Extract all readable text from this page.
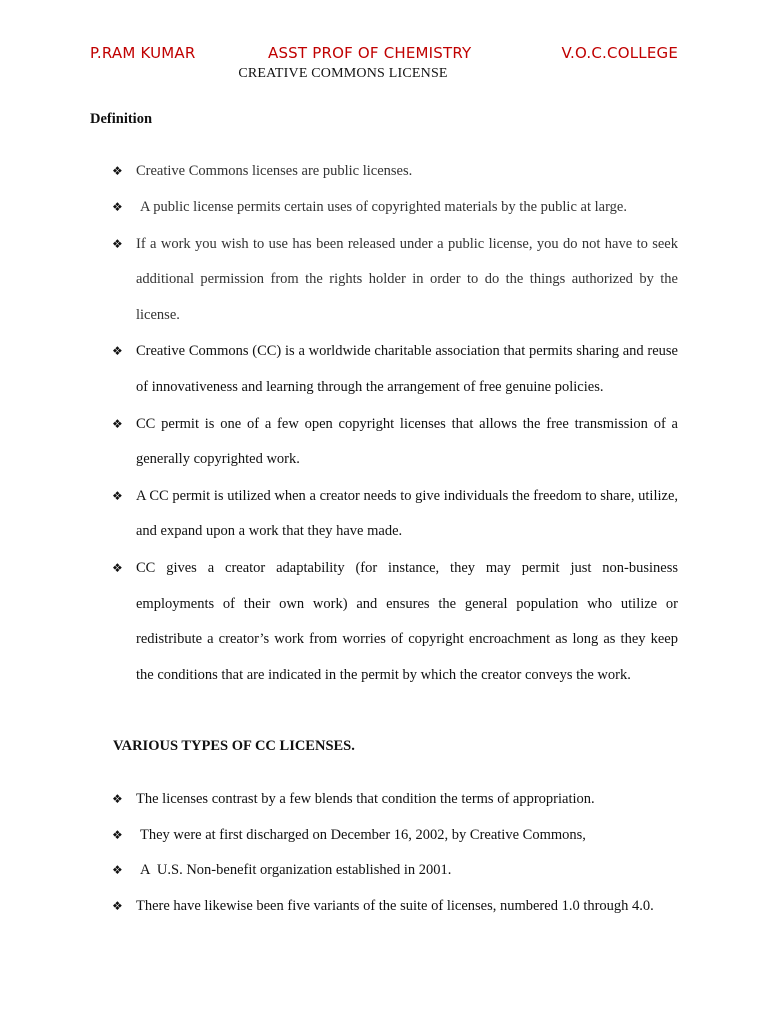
P.RAM KUMAR	ASST PROF OF CHEMISTRY	V.O.C.COLLEGE
CREATIVE COMMONS LICENSE
Definition
❖ Creative Commons licenses are public licenses.
❖ A public license permits certain uses of copyrighted materials by the public at large.
❖ If a work you wish to use has been released under a public license, you do not have to seek additional permission from the rights holder in order to do the things authorized by the license.
❖ Creative Commons (CC) is a worldwide charitable association that permits sharing and reuse of innovativeness and learning through the arrangement of free genuine policies.
❖ CC permit is one of a few open copyright licenses that allows the free transmission of a generally copyrighted work.
❖ A CC permit is utilized when a creator needs to give individuals the freedom to share, utilize, and expand upon a work that they have made.
❖ CC gives a creator adaptability (for instance, they may permit just non-business employments of their own work) and ensures the general population who utilize or redistribute a creator’s work from worries of copyright encroachment as long as they keep the conditions that are indicated in the permit by which the creator conveys the work.
VARIOUS TYPES OF CC LICENSES.
❖ The licenses contrast by a few blends that condition the terms of appropriation.
❖ They were at first discharged on December 16, 2002, by Creative Commons,
❖ A  U.S. Non-benefit organization established in 2001.
❖ There have likewise been five variants of the suite of licenses, numbered 1.0 through 4.0.
